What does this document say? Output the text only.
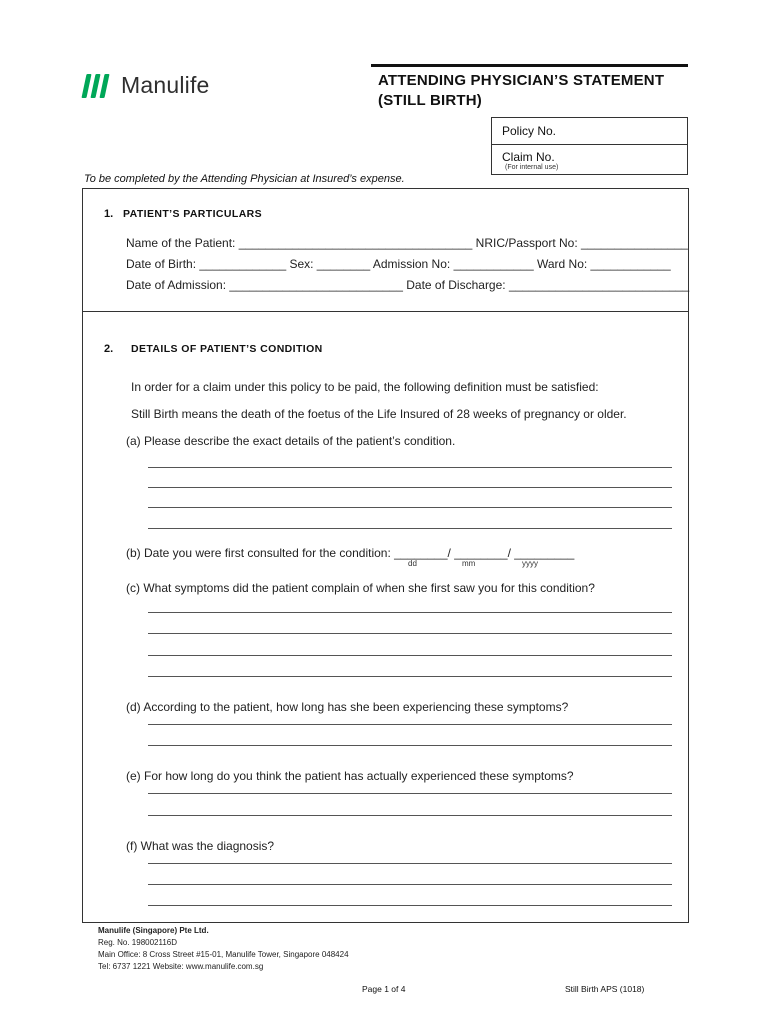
Manulife	ATTENDING PHYSICIAN’S STATEMENT
(STILL BIRTH)
Policy No.
Claim No.
(For internal use)
To be completed by the Attending Physician at Insured’s expense.
1. PATIENT’S PARTICULARS
Name of the Patient: ___________________________________ NRIC/Passport No: ________________
Date of Birth: _____________ Sex: ________ Admission No: ____________ Ward No: ____________
Date of Admission: __________________________ Date of Discharge: ___________________________
2. DETAILS OF PATIENT’S CONDITION
In order for a claim under this policy to be paid, the following definition must be satisfied:
Still Birth means the death of the foetus of the Life Insured of 28 weeks of pregnancy or older.
(a) Please describe the exact details of the patient’s condition.
(b) Date you were first consulted for the condition: ________/ ________/ _________
dd	mm	yyyy
(c) What symptoms did the patient complain of when she first saw you for this condition?
(d) According to the patient, how long has she been experiencing these symptoms?
(e) For how long do you think the patient has actually experienced these symptoms?
(f) What was the diagnosis?
Manulife (Singapore) Pte Ltd.
Reg. No. 198002116D
Main Office: 8 Cross Street #15-01, Manulife Tower, Singapore 048424
Tel: 6737 1221 Website: www.manulife.com.sg
Page 1 of 4	Still Birth APS (1018)
